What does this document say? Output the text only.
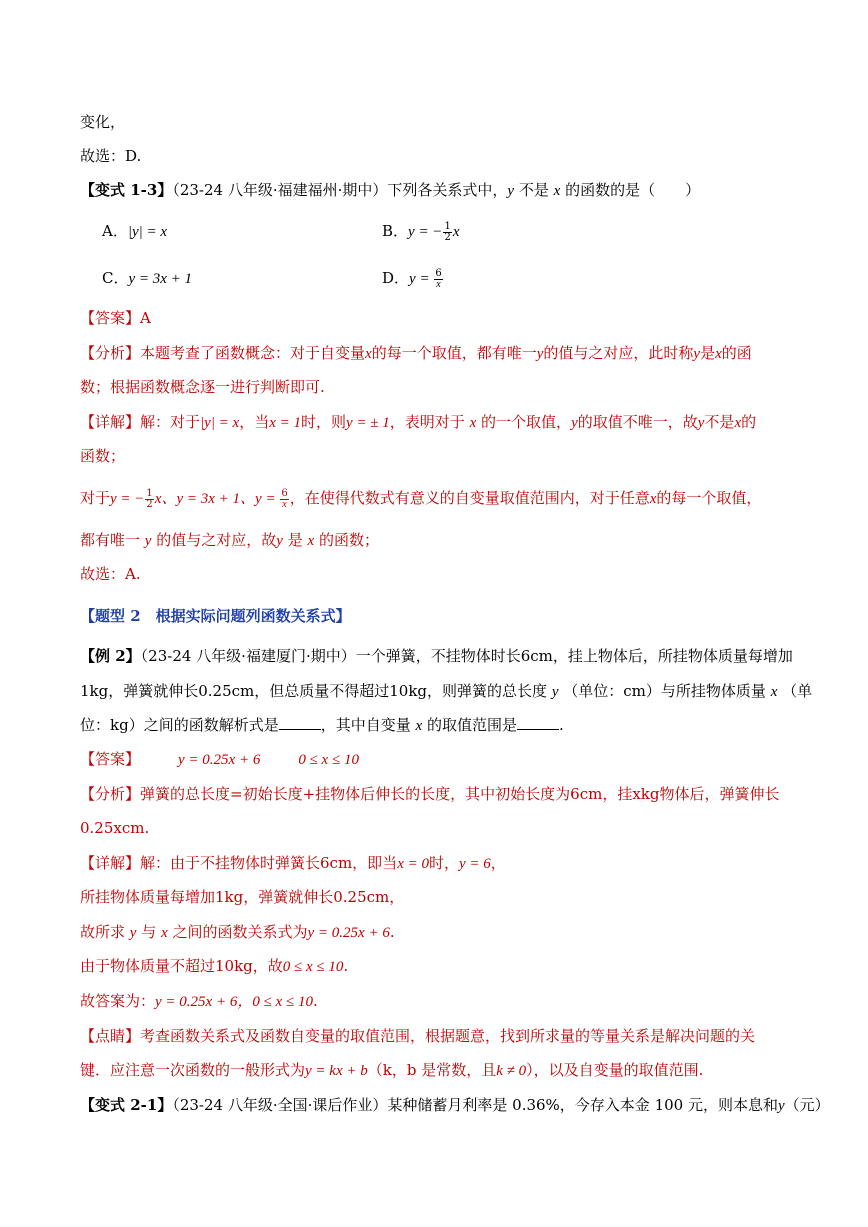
变化，
故选：D.
【变式 1-3】（23-24 八年级·福建福州·期中）下列各关系式中，y 不是 x 的函数的是（　　）
A．|y| = x	B．y = − $\frac{1}{2}$ x
C．y = 3x + 1	D．$y = \frac{6}{x}$
【答案】A
【分析】本题考查了函数概念：对于自变量x的每一个取值，都有唯一y的值与之对应，此时称y是x的函
数；根据函数概念逐一进行判断即可.
【详解】解：对于|y| = x，当x = 1时，则y = ± 1，表明对于 x 的一个取值，y的取值不唯一，故y不是x的
函数；
对于y = − $\frac{1}{2}$ x、y = 3x + 1、$y = \frac{6}{x}$ ，在使得代数式有意义的自变量取值范围内，对于任意x的每一个取值，
都有唯一 y 的值与之对应，故y 是 x 的函数；
故选：A.
【题型 2　根据实际问题列函数关系式】
【例 2】（23-24 八年级·福建厦门·期中）一个弹簧，不挂物体时长6cm，挂上物体后，所挂物体质量每增加
1kg，弹簧就伸长0.25cm，但总质量不得超过10kg，则弹簧的总长度 y （单位：cm）与所挂物体质量 x （单
位：kg）之间的函数解析式是	，其中自变量 x 的取值范围是	.
【答案】	y = 0.25x + 6	0 ≤ x ≤ 10
【分析】弹簧的总长度=初始长度+挂物体后伸长的长度，其中初始长度为6cm，挂xkg物体后，弹簧伸长
0.25xcm.
【详解】解：由于不挂物体时弹簧长6cm，即当x = 0时，y = 6，
所挂物体质量每增加1kg，弹簧就伸长0.25cm，
故所求 y 与 x 之间的函数关系式为y = 0.25x + 6.
由于物体质量不超过10kg，故0 ≤ x ≤ 10.
故答案为：y = 0.25x + 6，0 ≤ x ≤ 10.
【点睛】考查函数关系式及函数自变量的取值范围，根据题意，找到所求量的等量关系是解决问题的关
键．应注意一次函数的一般形式为y = kx + b（k，b 是常数，且k ≠ 0），以及自变量的取值范围.
【变式 2-1】（23-24 八年级·全国·课后作业）某种储蓄月利率是 0.36%，今存入本金 100 元，则本息和y（元）
